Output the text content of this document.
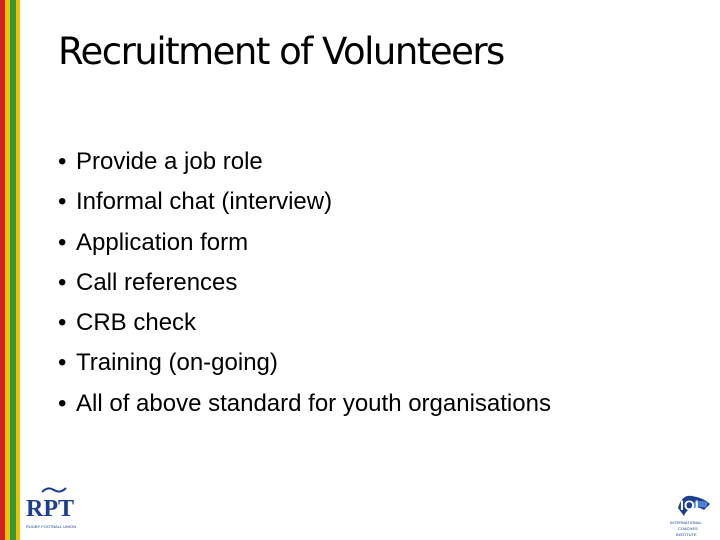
Recruitment of Volunteers
• Provide a job role
• Informal chat (interview)
• Application form
• Call references
• CRB check
• Training (on-going)
• All of above standard for youth organisations
RPT
RUGBY FOOTBALL UNION
IOI
INTERNATIONAL
COACHES
INSTITUTE
